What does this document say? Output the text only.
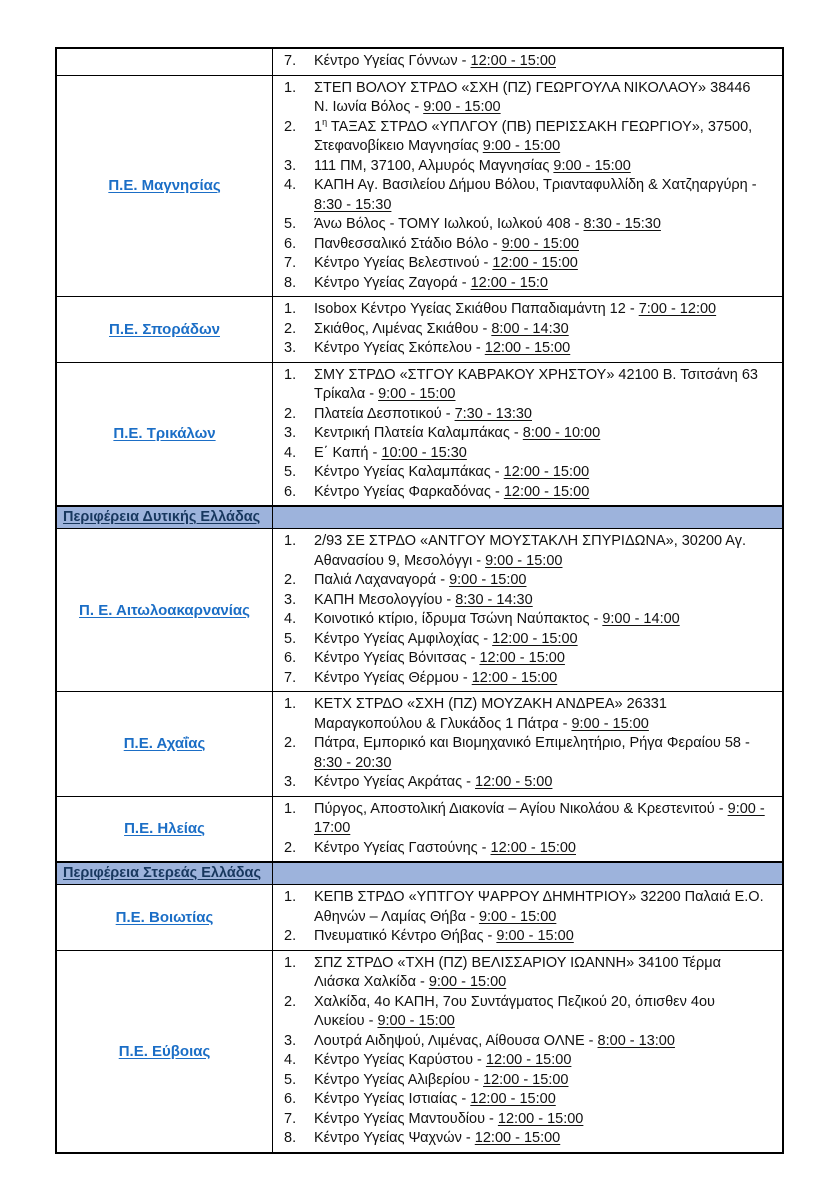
7.	Κέντρο Υγείας Γόννων - 12:00 - 15:00
Π.Ε. Μαγνησίας
1.	ΣΤΕΠ ΒΟΛΟΥ ΣΤΡΔΟ «ΣΧΗ (ΠΖ) ΓΕΩΡΓΟΥΛΑ ΝΙΚΟΛΑΟΥ» 38446 Ν. Ιωνία Βόλος - 9:00 - 15:00
2.	$1^\eta$ ΤΑΞΑΣ ΣΤΡΔΟ «ΥΠΛΓΟΥ (ΠΒ) ΠΕΡΙΣΣΑΚΗ ΓΕΩΡΓΙΟΥ», 37500, Στεφανοβίκειο Μαγνησίας 9:00 - 15:00
3.	111 ΠΜ, 37100, Αλμυρός Μαγνησίας 9:00 - 15:00
4.	ΚΑΠΗ Αγ. Βασιλείου Δήμου Βόλου, Τριανταφυλλίδη & Χατζηαργύρη - 8:30 - 15:30
5.	Άνω Βόλος - ΤΟΜΥ Ιωλκού, Ιωλκού 408 - 8:30 - 15:30
6.	Πανθεσσαλικό Στάδιο Βόλο - 9:00 - 15:00
7.	Κέντρο Υγείας Βελεστινού - 12:00 - 15:00
8.	Κέντρο Υγείας Ζαγορά - 12:00 - 15:0
Π.Ε. Σποράδων
1.	Isobox Κέντρο Υγείας Σκιάθου Παπαδιαμάντη 12 - 7:00 - 12:00
2.	Σκιάθος, Λιμένας Σκιάθου - 8:00 - 14:30
3.	Κέντρο Υγείας Σκόπελου - 12:00 - 15:00
Π.Ε. Τρικάλων
1.	ΣΜΥ ΣΤΡΔΟ «ΣΤΓΟΥ ΚΑΒΡΑΚΟΥ ΧΡΗΣΤΟΥ» 42100 Β. Τσιτσάνη 63 Τρίκαλα - 9:00 - 15:00
2.	Πλατεία Δεσποτικού - 7:30 - 13:30
3.	Κεντρική Πλατεία Καλαμπάκας - 8:00 - 10:00
4.	Ε΄ Καπή - 10:00 - 15:30
5.	Κέντρο Υγείας Καλαμπάκας - 12:00 - 15:00
6.	Κέντρο Υγείας Φαρκαδόνας - 12:00 - 15:00
Περιφέρεια Δυτικής Ελλάδας
Π. Ε. Αιτωλοακαρνανίας
1.	2/93 ΣΕ ΣΤΡΔΟ «ΑΝΤΓΟΥ ΜΟΥΣΤΑΚΛΗ ΣΠΥΡΙΔΩΝΑ», 30200 Αγ. Αθανασίου 9, Μεσολόγγι - 9:00 - 15:00
2.	Παλιά Λαχαναγορά - 9:00 - 15:00
3.	ΚΑΠΗ Μεσολογγίου - 8:30 - 14:30
4.	Κοινοτικό κτίριο, ίδρυμα Τσώνη Ναύπακτος - 9:00 - 14:00
5.	Κέντρο Υγείας Αμφιλοχίας - 12:00 - 15:00
6.	Κέντρο Υγείας Βόνιτσας - 12:00 - 15:00
7.	Κέντρο Υγείας Θέρμου - 12:00 - 15:00
Π.Ε. Αχαΐας
1.	ΚΕΤΧ ΣΤΡΔΟ «ΣΧΗ (ΠΖ) ΜΟΥΖΑΚΗ ΑΝΔΡΕΑ» 26331 Μαραγκοπούλου & Γλυκάδος 1 Πάτρα - 9:00 - 15:00
2.	Πάτρα, Εμπορικό και Βιομηχανικό Επιμελητήριο, Ρήγα Φεραίου 58 - 8:30 - 20:30
3.	Κέντρο Υγείας Ακράτας - 12:00 - 5:00
Π.Ε. Ηλείας
1.	Πύργος, Αποστολική Διακονία – Αγίου Νικολάου & Κρεστενιτού - 9:00 - 17:00
2.	Κέντρο Υγείας Γαστούνης - 12:00 - 15:00
Περιφέρεια Στερεάς Ελλάδας
Π.Ε. Βοιωτίας
1.	ΚΕΠΒ ΣΤΡΔΟ «ΥΠΤΓΟΥ ΨΑΡΡΟΥ ΔΗΜΗΤΡΙΟΥ» 32200 Παλαιά Ε.Ο. Αθηνών – Λαμίας Θήβα - 9:00 - 15:00
2.	Πνευματικό Κέντρο Θήβας - 9:00 - 15:00
Π.Ε. Εύβοιας
1.	ΣΠΖ ΣΤΡΔΟ «ΤΧΗ (ΠΖ) ΒΕΛΙΣΣΑΡΙΟΥ ΙΩΑΝΝΗ» 34100 Τέρμα Λιάσκα Χαλκίδα - 9:00 - 15:00
2.	Χαλκίδα, 4ο ΚΑΠΗ, 7ου Συντάγματος Πεζικού 20, όπισθεν 4ου Λυκείου - 9:00 - 15:00
3.	Λουτρά Αιδηψού, Λιμένας, Αίθουσα ΟΛΝΕ - 8:00 - 13:00
4.	Κέντρο Υγείας Καρύστου - 12:00 - 15:00
5.	Κέντρο Υγείας Αλιβερίου - 12:00 - 15:00
6.	Κέντρο Υγείας Ιστιαίας - 12:00 - 15:00
7.	Κέντρο Υγείας Μαντουδίου - 12:00 - 15:00
8.	Κέντρο Υγείας Ψαχνών - 12:00 - 15:00
